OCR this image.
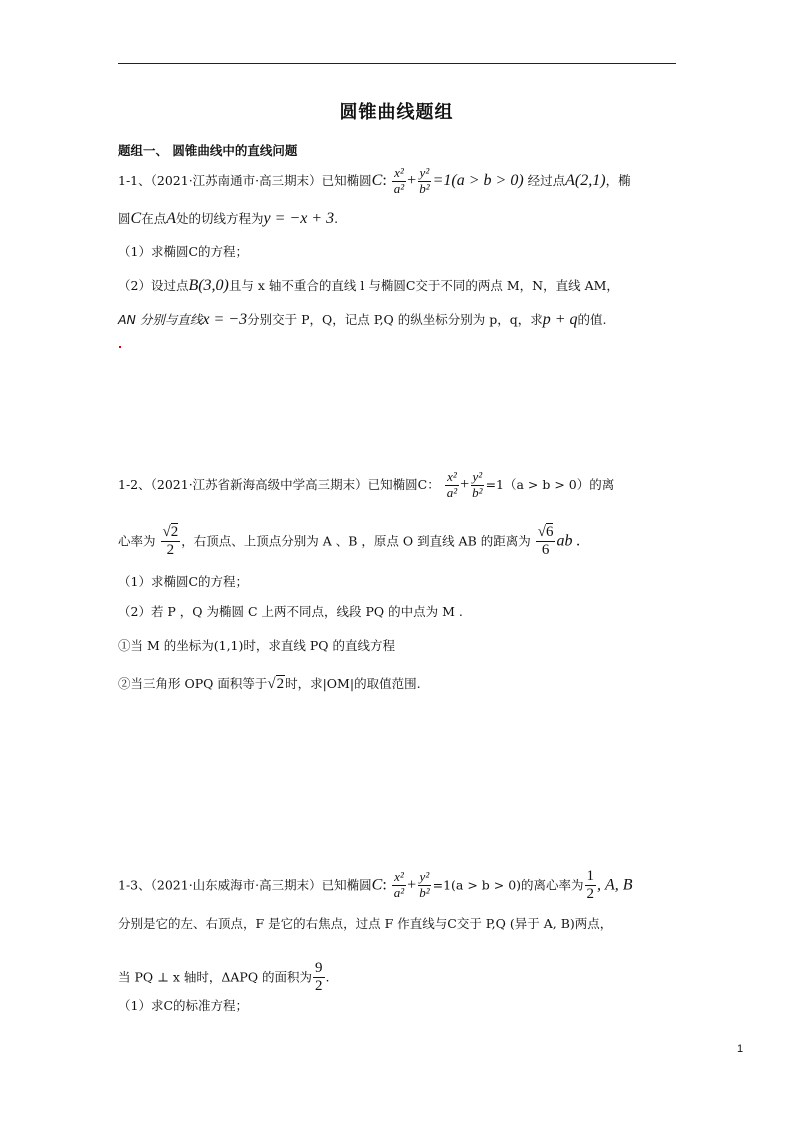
圆锥曲线题组
题组一、 圆锥曲线中的直线问题
1-1、（2021·江苏南通市·高三期末）已知椭圆C: $\frac{\text{x²}}{\text{a²}} + \frac{\text{y²}}{\text{b²}} =1(a > b > 0)$ 经过点A(2,1)，椭
圆C在点A处的切线方程为y = −x + 3.
（1）求椭圆C的方程；
（2）设过点B(3,0)且与 x 轴不重合的直线 l 与椭圆C交于不同的两点 M，N，直线 AM，
AN 分别与直线x = −3分别交于 P，Q，记点 P,Q 的纵坐标分别为 p，q，求p + q的值.
1-2、（2021·江苏省新海高级中学高三期末）已知椭圆C： $\frac{\text{x²}}{\text{a²}} + \frac{\text{y²}}{\text{b²}} =1(a > b > 0)$的离
心率为 $\frac{√2}{2}$ ，右顶点、上顶点分别为 A 、B ，原点 O 到直线 AB 的距离为 $\frac{√6}{6}$ ab .
（1）求椭圆C的方程；
（2）若 P ，Q 为椭圆 C 上两不同点，线段 PQ 的中点为 M .
①当 M 的坐标为(1,1)时，求直线 PQ 的直线方程
②当三角形 OPQ 面积等于√2时，求|OM|的取值范围.
1-3、（2021·山东威海市·高三期末）已知椭圆C: $\frac{\text{x²}}{\text{a²}} + \frac{\text{y²}}{\text{b²}} =1(a > b > 0)$的离心率为 $\frac{1}{2}$ , A, B
分别是它的左、右顶点，F 是它的右焦点，过点 F 作直线与C交于 P,Q (异于 A, B)两点，
当 PQ ⊥ x 轴时，ΔAPQ 的面积为 $\frac{9}{2}$ .
（1）求C的标准方程；
1
